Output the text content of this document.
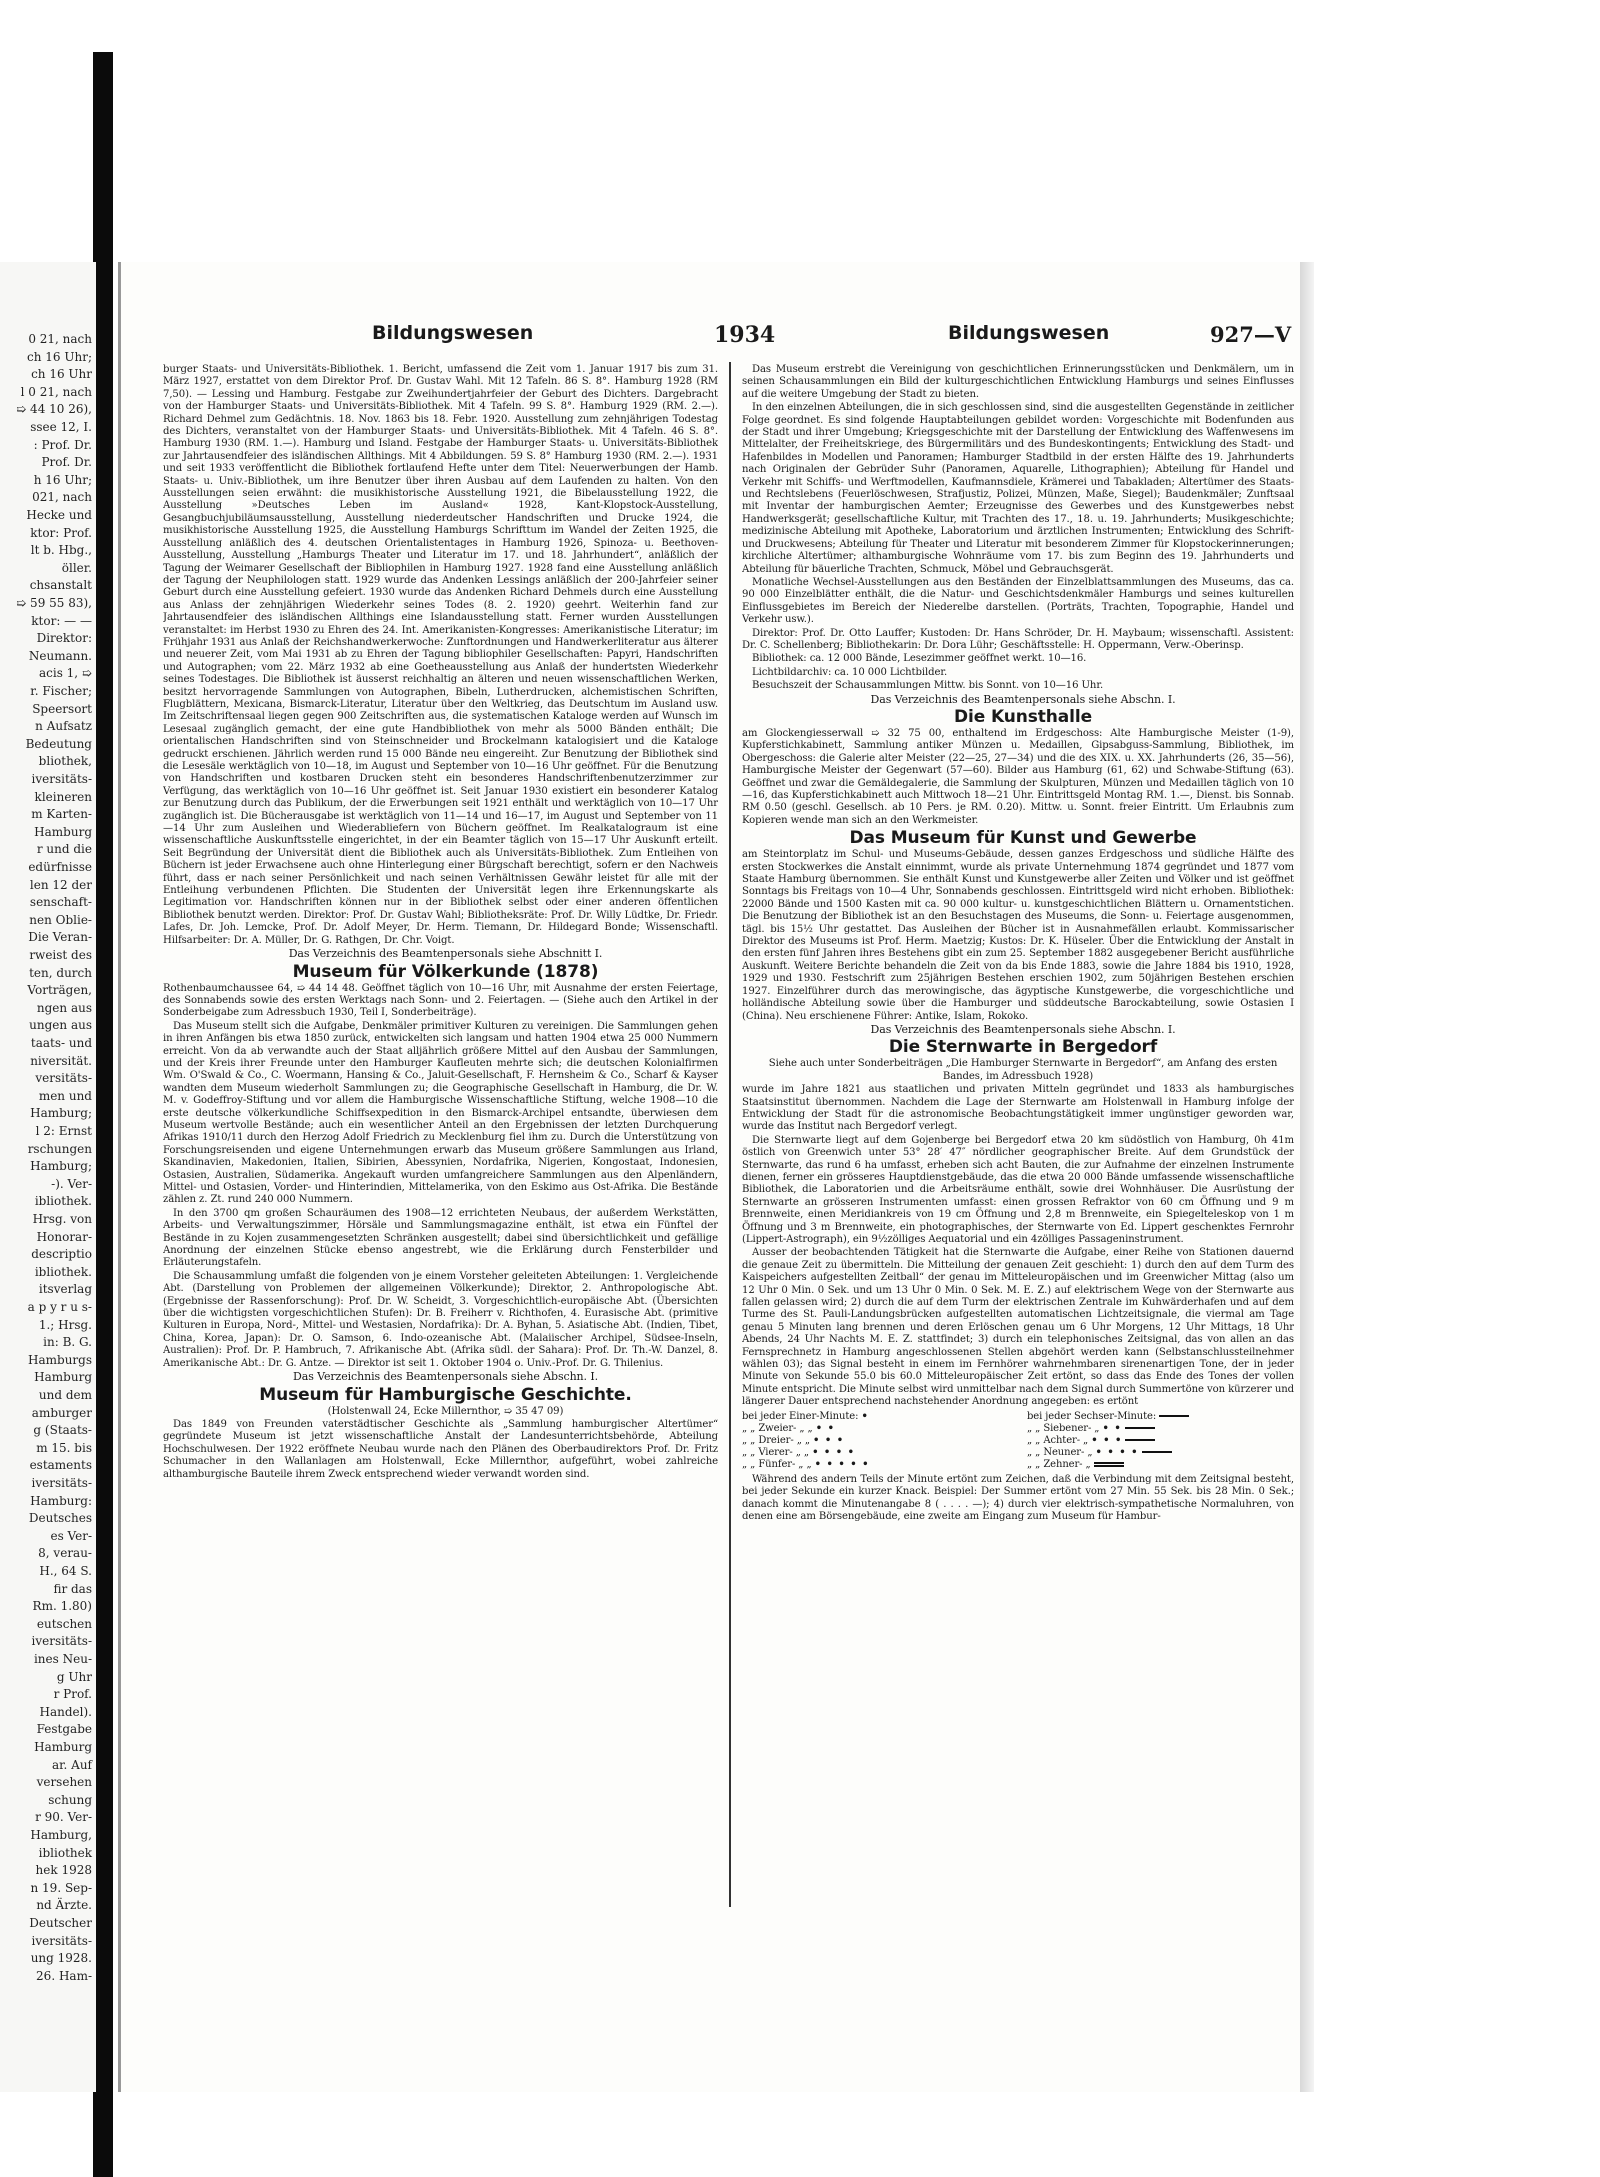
0 21, nach
ch 16 Uhr;
ch 16 Uhr
l 0 21, nach
➯ 44 10 26),
ssee 12, I.
: Prof. Dr.
Prof. Dr.
h 16 Uhr;
021, nach
Hecke und
ktor: Prof.
lt b. Hbg.,
öller.
chsanstalt
➯ 59 55 83),
ktor: — —
Direktor:
Neumann.
acis 1, ➯
r. Fischer;
Speersort
n Aufsatz
Bedeutung
bliothek,
iversitäts-
kleineren
m Karten-
Hamburg
r und die
edürfnisse
len 12 der
senschaft-
nen Oblie-
Die Veran-
rweist des
ten, durch
Vorträgen,
ngen aus
ungen aus
taats- und
niversität.
versitäts-
men und
Hamburg;
l 2: Ernst
rschungen
Hamburg;
-). Ver-
ibliothek.
Hrsg. von
Honorar-
descriptio
ibliothek.
itsverlag
a p y r u s-
1.; Hrsg.
in: B. G.
Hamburgs
Hamburg
und dem
amburger
g (Staats-
m 15. bis
estaments
iversitäts-
Hamburg:
Deutsches
es Ver-
8, verau-
H., 64 S.
fir das
Rm. 1.80)
eutschen
iversitäts-
ines Neu-
g Uhr
r Prof.
Handel).
Festgabe
Hamburg
ar. Auf
versehen
schung
r 90. Ver-
Hamburg,
ibliothek
hek 1928
n 19. Sep-
nd Ärzte.
Deutscher
iversitäts-
ung 1928.
26. Ham-
Bildungswesen	1934	Bildungswesen	927—V

burger Staats- und Universitäts-Bibliothek. 1. Bericht, umfassend die Zeit vom 1. Januar 1917 bis zum 31. März 1927, erstattet von dem Direktor Prof. Dr. Gustav Wahl. Mit 12 Tafeln. 86 S. 8°. Hamburg 1928 (RM 7,50). — Lessing und Hamburg. Festgabe zur Zweihundertjahrfeier der Geburt des Dichters. Dargebracht von der Hamburger Staats- und Universitäts-Bibliothek. Mit 4 Tafeln. 99 S. 8°. Hamburg 1929 (RM. 2.—). Richard Dehmel zum Gedächtnis. 18. Nov. 1863 bis 18. Febr. 1920. Ausstellung zum zehnjährigen Todestag des Dichters, veranstaltet von der Hamburger Staats- und Universitäts-Bibliothek. Mit 4 Tafeln. 46 S. 8°. Hamburg 1930 (RM. 1.—). Hamburg und Island. Festgabe der Hamburger Staats- u. Universitäts-Bibliothek zur Jahrtausendfeier des isländischen Allthings. Mit 4 Abbildungen. 59 S. 8° Hamburg 1930 (RM. 2.—). 1931 und seit 1933 veröffentlicht die Bibliothek fortlaufend Hefte unter dem Titel: Neuerwerbungen der Hamb. Staats- u. Univ.-Bibliothek, um ihre Benutzer über ihren Ausbau auf dem Laufenden zu halten. Von den Ausstellungen seien erwähnt: die musikhistorische Ausstellung 1921, die Bibelausstellung 1922, die Ausstellung »Deutsches Leben im Ausland« 1928, Kant-Klopstock-Ausstellung, Gesangbuchjubiläumsausstellung, Ausstellung niederdeutscher Handschriften und Drucke 1924, die musikhistorische Ausstellung 1925, die Ausstellung Hamburgs Schrifttum im Wandel der Zeiten 1925, die Ausstellung anläßlich des 4. deutschen Orientalistentages in Hamburg 1926, Spinoza- u. Beethoven-Ausstellung, Ausstellung „Hamburgs Theater und Literatur im 17. und 18. Jahrhundert“, anläßlich der Tagung der Weimarer Gesellschaft der Bibliophilen in Hamburg 1927. 1928 fand eine Ausstellung anläßlich der Tagung der Neuphilologen statt. 1929 wurde das Andenken Lessings anläßlich der 200-Jahrfeier seiner Geburt durch eine Ausstellung gefeiert. 1930 wurde das Andenken Richard Dehmels durch eine Ausstellung aus Anlass der zehnjährigen Wiederkehr seines Todes (8. 2. 1920) geehrt. Weiterhin fand zur Jahrtausendfeier des isländischen Allthings eine Islandausstellung statt. Ferner wurden Ausstellungen veranstaltet: im Herbst 1930 zu Ehren des 24. Int. Amerikanisten-Kongresses: Amerikanistische Literatur; im Frühjahr 1931 aus Anlaß der Reichshandwerkerwoche: Zunftordnungen und Handwerkerliteratur aus älterer und neuerer Zeit, vom Mai 1931 ab zu Ehren der Tagung bibliophiler Gesellschaften: Papyri, Handschriften und Autographen; vom 22. März 1932 ab eine Goetheausstellung aus Anlaß der hundertsten Wiederkehr seines Todestages. Die Bibliothek ist äusserst reichhaltig an älteren und neuen wissenschaftlichen Werken, besitzt hervorragende Sammlungen von Autographen, Bibeln, Lutherdrucken, alchemistischen Schriften, Flugblättern, Mexicana, Bismarck-Literatur, Literatur über den Weltkrieg, das Deutschtum im Ausland usw. Im Zeitschriftensaal liegen gegen 900 Zeitschriften aus, die systematischen Kataloge werden auf Wunsch im Lesesaal zugänglich gemacht, der eine gute Handbibliothek von mehr als 5000 Bänden enthält; Die orientalischen Handschriften sind von Steinschneider und Brockelmann katalogisiert und die Kataloge gedruckt erschienen. Jährlich werden rund 15 000 Bände neu eingereiht. Zur Benutzung der Bibliothek sind die Lesesäle werktäglich von 10—18, im August und September von 10—16 Uhr geöffnet. Für die Benutzung von Handschriften und kostbaren Drucken steht ein besonderes Handschriftenbenutzerzimmer zur Verfügung, das werktäglich von 10—16 Uhr geöffnet ist. Seit Januar 1930 existiert ein besonderer Katalog zur Benutzung durch das Publikum, der die Erwerbungen seit 1921 enthält und werktäglich von 10—17 Uhr zugänglich ist. Die Bücherausgabe ist werktäglich von 11—14 und 16—17, im August und September von 11—14 Uhr zum Ausleihen und Wiederabliefern von Büchern geöffnet. Im Realkatalograum ist eine wissenschaftliche Auskunftsstelle eingerichtet, in der ein Beamter täglich von 15—17 Uhr Auskunft erteilt. Seit Begründung der Universität dient die Bibliothek auch als Universitäts-Bibliothek. Zum Entleihen von Büchern ist jeder Erwachsene auch ohne Hinterlegung einer Bürgschaft berechtigt, sofern er den Nachweis führt, dass er nach seiner Persönlichkeit und nach seinen Verhältnissen Gewähr leistet für alle mit der Entleihung verbundenen Pflichten. Die Studenten der Universität legen ihre Erkennungskarte als Legitimation vor. Handschriften können nur in der Bibliothek selbst oder einer anderen öffentlichen Bibliothek benutzt werden. Direktor: Prof. Dr. Gustav Wahl; Bibliotheksräte: Prof. Dr. Willy Lüdtke, Dr. Friedr. Lafes, Dr. Joh. Lemcke, Prof. Dr. Adolf Meyer, Dr. Herm. Tiemann, Dr. Hildegard Bonde; Wissenschaftl. Hilfsarbeiter: Dr. A. Müller, Dr. G. Rathgen, Dr. Chr. Voigt.

Das Verzeichnis des Beamtenpersonals siehe Abschnitt I.

Museum für Völkerkunde (1878)

Rothenbaumchaussee 64, ➯ 44 14 48. Geöffnet täglich von 10—16 Uhr, mit Ausnahme der ersten Feiertage, des Sonnabends sowie des ersten Werktags nach Sonn- und 2. Feiertagen. — (Siehe auch den Artikel in der Sonderbeigabe zum Adressbuch 1930, Teil I, Sonderbeiträge).

Das Museum stellt sich die Aufgabe, Denkmäler primitiver Kulturen zu vereinigen. Die Sammlungen gehen in ihren Anfängen bis etwa 1850 zurück, entwickelten sich langsam und hatten 1904 etwa 25 000 Nummern erreicht. Von da ab verwandte auch der Staat alljährlich größere Mittel auf den Ausbau der Sammlungen, und der Kreis ihrer Freunde unter den Hamburger Kaufleuten mehrte sich; die deutschen Kolonialfirmen Wm. O'Swald & Co., C. Woermann, Hansing & Co., Jaluit-Gesellschaft, F. Hernsheim & Co., Scharf & Kayser wandten dem Museum wiederholt Sammlungen zu; die Geographische Gesellschaft in Hamburg, die Dr. W. M. v. Godeffroy-Stiftung und vor allem die Hamburgische Wissenschaftliche Stiftung, welche 1908—10 die erste deutsche völkerkundliche Schiffsexpedition in den Bismarck-Archipel entsandte, überwiesen dem Museum wertvolle Bestände; auch ein wesentlicher Anteil an den Ergebnissen der letzten Durchquerung Afrikas 1910/11 durch den Herzog Adolf Friedrich zu Mecklenburg fiel ihm zu. Durch die Unterstützung von Forschungsreisenden und eigene Unternehmungen erwarb das Museum größere Sammlungen aus Irland, Skandinavien, Makedonien, Italien, Sibirien, Abessynien, Nordafrika, Nigerien, Kongostaat, Indonesien, Ostasien, Australien, Südamerika. Angekauft wurden umfangreichere Sammlungen aus den Alpenländern, Mittel- und Ostasien, Vorder- und Hinterindien, Mittelamerika, von den Eskimo aus Ost-Afrika. Die Bestände zählen z. Zt. rund 240 000 Nummern.

In den 3700 qm großen Schauräumen des 1908—12 errichteten Neubaus, der außerdem Werkstätten, Arbeits- und Verwaltungszimmer, Hörsäle und Sammlungsmagazine enthält, ist etwa ein Fünftel der Bestände in zu Kojen zusammengesetzten Schränken ausgestellt; dabei sind übersichtlichkeit und gefällige Anordnung der einzelnen Stücke ebenso angestrebt, wie die Erklärung durch Fensterbilder und Erläuterungstafeln.

Die Schausammlung umfaßt die folgenden von je einem Vorsteher geleiteten Abteilungen: 1. Vergleichende Abt. (Darstellung von Problemen der allgemeinen Völkerkunde); Direktor, 2. Anthropologische Abt. (Ergebnisse der Rassenforschung): Prof. Dr. W. Scheidt, 3. Vorgeschichtlich-europäische Abt. (Übersichten über die wichtigsten vorgeschichtlichen Stufen): Dr. B. Freiherr v. Richthofen, 4. Eurasische Abt. (primitive Kulturen in Europa, Nord-, Mittel- und Westasien, Nordafrika): Dr. A. Byhan, 5. Asiatische Abt. (Indien, Tibet, China, Korea, Japan): Dr. O. Samson, 6. Indo-ozeanische Abt. (Malaiischer Archipel, Südsee-Inseln, Australien): Prof. Dr. P. Hambruch, 7. Afrikanische Abt. (Afrika südl. der Sahara): Prof. Dr. Th.-W. Danzel, 8. Amerikanische Abt.: Dr. G. Antze. — Direktor ist seit 1. Oktober 1904 o. Univ.-Prof. Dr. G. Thilenius.

Das Verzeichnis des Beamtenpersonals siehe Abschn. I.

Museum für Hamburgische Geschichte.

(Holstenwall 24, Ecke Millernthor, ➯ 35 47 09)

Das 1849 von Freunden vaterstädtischer Geschichte als „Sammlung hamburgischer Altertümer“ gegründete Museum ist jetzt wissenschaftliche Anstalt der Landesunterrichtsbehörde, Abteilung Hochschulwesen. Der 1922 eröffnete Neubau wurde nach den Plänen des Oberbaudirektors Prof. Dr. Fritz Schumacher in den Wallanlagen am Holstenwall, Ecke Millernthor, aufgeführt, wobei zahlreiche althamburgische Bauteile ihrem Zweck entsprechend wieder verwandt worden sind.

Das Museum erstrebt die Vereinigung von geschichtlichen Erinnerungsstücken und Denkmälern, um in seinen Schausammlungen ein Bild der kulturgeschichtlichen Entwicklung Hamburgs und seines Einflusses auf die weitere Umgebung der Stadt zu bieten.

In den einzelnen Abteilungen, die in sich geschlossen sind, sind die ausgestellten Gegenstände in zeitlicher Folge geordnet. Es sind folgende Hauptabteilungen gebildet worden: Vorgeschichte mit Bodenfunden aus der Stadt und ihrer Umgebung; Kriegsgeschichte mit der Darstellung der Entwicklung des Waffenwesens im Mittelalter, der Freiheitskriege, des Bürgermilitärs und des Bundeskontingents; Entwicklung des Stadt- und Hafenbildes in Modellen und Panoramen; Hamburger Stadtbild in der ersten Hälfte des 19. Jahrhunderts nach Originalen der Gebrüder Suhr (Panoramen, Aquarelle, Lithographien); Abteilung für Handel und Verkehr mit Schiffs- und Werftmodellen, Kaufmannsdiele, Krämerei und Tabakladen; Altertümer des Staats- und Rechtslebens (Feuerlöschwesen, Strafjustiz, Polizei, Münzen, Maße, Siegel); Baudenkmäler; Zunftsaal mit Inventar der hamburgischen Aemter; Erzeugnisse des Gewerbes und des Kunstgewerbes nebst Handwerksgerät; gesellschaftliche Kultur, mit Trachten des 17., 18. u. 19. Jahrhunderts; Musikgeschichte; medizinische Abteilung mit Apotheke, Laboratorium und ärztlichen Instrumenten; Entwicklung des Schrift- und Druckwesens; Abteilung für Theater und Literatur mit besonderem Zimmer für Klopstockerinnerungen; kirchliche Altertümer; althamburgische Wohnräume vom 17. bis zum Beginn des 19. Jahrhunderts und Abteilung für bäuerliche Trachten, Schmuck, Möbel und Gebrauchsgerät.

Monatliche Wechsel-Ausstellungen aus den Beständen der Einzelblattsammlungen des Museums, das ca. 90 000 Einzelblätter enthält, die die Natur- und Geschichtsdenkmäler Hamburgs und seines kulturellen Einflussgebietes im Bereich der Niederelbe darstellen. (Porträts, Trachten, Topographie, Handel und Verkehr usw.).

Direktor: Prof. Dr. Otto Lauffer; Kustoden: Dr. Hans Schröder, Dr. H. Maybaum; wissenschaftl. Assistent: Dr. C. Schellenberg; Bibliothekarin: Dr. Dora Lühr; Geschäftsstelle: H. Oppermann, Verw.-Oberinsp.

Bibliothek: ca. 12 000 Bände, Lesezimmer geöffnet werkt. 10—16.

Lichtbildarchiv: ca. 10 000 Lichtbilder.

Besuchszeit der Schausammlungen Mittw. bis Sonnt. von 10—16 Uhr.

Das Verzeichnis des Beamtenpersonals siehe Abschn. I.

Die Kunsthalle

am Glockengiesserwall ➯ 32 75 00, enthaltend im Erdgeschoss: Alte Hamburgische Meister (1-9), Kupferstichkabinett, Sammlung antiker Münzen u. Medaillen, Gipsabguss-Sammlung, Bibliothek, im Obergeschoss: die Galerie alter Meister (22—25, 27—34) und die des XIX. u. XX. Jahrhunderts (26, 35—56), Hamburgische Meister der Gegenwart (57—60). Bilder aus Hamburg (61, 62) und Schwabe-Stiftung (63). Geöffnet und zwar die Gemäldegalerie, die Sammlung der Skulpturen, Münzen und Medaillen täglich von 10—16, das Kupferstichkabinett auch Mittwoch 18—21 Uhr. Eintrittsgeld Montag RM. 1.—, Dienst. bis Sonnab. RM 0.50 (geschl. Gesellsch. ab 10 Pers. je RM. 0.20). Mittw. u. Sonnt. freier Eintritt. Um Erlaubnis zum Kopieren wende man sich an den Werkmeister.

Das Museum für Kunst und Gewerbe

am Steintorplatz im Schul- und Museums-Gebäude, dessen ganzes Erdgeschoss und südliche Hälfte des ersten Stockwerkes die Anstalt einnimmt, wurde als private Unternehmung 1874 gegründet und 1877 vom Staate Hamburg übernommen. Sie enthält Kunst und Kunstgewerbe aller Zeiten und Völker und ist geöffnet Sonntags bis Freitags von 10—4 Uhr, Sonnabends geschlossen. Eintrittsgeld wird nicht erhoben. Bibliothek: 22000 Bände und 1500 Kasten mit ca. 90 000 kultur- u. kunstgeschichtlichen Blättern u. Ornamentstichen. Die Benutzung der Bibliothek ist an den Besuchstagen des Museums, die Sonn- u. Feiertage ausgenommen, tägl. bis 15½ Uhr gestattet. Das Ausleihen der Bücher ist in Ausnahmefällen erlaubt. Kommissarischer Direktor des Museums ist Prof. Herm. Maetzig; Kustos: Dr. K. Hüseler. Über die Entwicklung der Anstalt in den ersten fünf Jahren ihres Bestehens gibt ein zum 25. September 1882 ausgegebener Bericht ausführliche Auskunft. Weitere Berichte behandeln die Zeit von da bis Ende 1883, sowie die Jahre 1884 bis 1910, 1928, 1929 und 1930. Festschrift zum 25jährigen Bestehen erschien 1902, zum 50jährigen Bestehen erschien 1927. Einzelführer durch das merowingische, das ägyptische Kunstgewerbe, die vorgeschichtliche und holländische Abteilung sowie über die Hamburger und süddeutsche Barockabteilung, sowie Ostasien I (China). Neu erschienene Führer: Antike, Islam, Rokoko.

Das Verzeichnis des Beamtenpersonals siehe Abschn. I.

Die Sternwarte in Bergedorf

Siehe auch unter Sonderbeiträgen „Die Hamburger Sternwarte in Bergedorf“, am Anfang des ersten Bandes, im Adressbuch 1928)

wurde im Jahre 1821 aus staatlichen und privaten Mitteln gegründet und 1833 als hamburgisches Staatsinstitut übernommen. Nachdem die Lage der Sternwarte am Holstenwall in Hamburg infolge der Entwicklung der Stadt für die astronomische Beobachtungstätigkeit immer ungünstiger geworden war, wurde das Institut nach Bergedorf verlegt.

Die Sternwarte liegt auf dem Gojenberge bei Bergedorf etwa 20 km südöstlich von Hamburg, 0h 41m östlich von Greenwich unter 53° 28′ 47″ nördlicher geographischer Breite. Auf dem Grundstück der Sternwarte, das rund 6 ha umfasst, erheben sich acht Bauten, die zur Aufnahme der einzelnen Instrumente dienen, ferner ein grösseres Hauptdienstgebäude, das die etwa 20 000 Bände umfassende wissenschaftliche Bibliothek, die Laboratorien und die Arbeitsräume enthält, sowie drei Wohnhäuser. Die Ausrüstung der Sternwarte an grösseren Instrumenten umfasst: einen grossen Refraktor von 60 cm Öffnung und 9 m Brennweite, einen Meridiankreis von 19 cm Öffnung und 2,8 m Brennweite, ein Spiegelteleskop von 1 m Öffnung und 3 m Brennweite, ein photographisches, der Sternwarte von Ed. Lippert geschenktes Fernrohr (Lippert-Astrograph), ein 9½zölliges Aequatorial und ein 4zölliges Passageninstrument.

Ausser der beobachtenden Tätigkeit hat die Sternwarte die Aufgabe, einer Reihe von Stationen dauernd die genaue Zeit zu übermitteln. Die Mitteilung der genauen Zeit geschieht: 1) durch den auf dem Turm des Kaispeichers aufgestellten Zeitball“ der genau im Mitteleuropäischen und im Greenwicher Mittag (also um 12 Uhr 0 Min. 0 Sek. und um 13 Uhr 0 Min. 0 Sek. M. E. Z.) auf elektrischem Wege von der Sternwarte aus fallen gelassen wird; 2) durch die auf dem Turm der elektrischen Zentrale im Kuhwärderhafen und auf dem Turme des St. Pauli-Landungsbrücken aufgestellten automatischen Lichtzeitsignale, die viermal am Tage genau 5 Minuten lang brennen und deren Erlöschen genau um 6 Uhr Morgens, 12 Uhr Mittags, 18 Uhr Abends, 24 Uhr Nachts M. E. Z. stattfindet; 3) durch ein telephonisches Zeitsignal, das von allen an das Fernsprechnetz in Hamburg angeschlossenen Stellen abgehört werden kann (Selbstanschlussteilnehmer wählen 03); das Signal besteht in einem im Fernhörer wahrnehmbaren sirenenartigen Tone, der in jeder Minute von Sekunde 55.0 bis 60.0 Mitteleuropäischer Zeit ertönt, so dass das Ende des Tones der vollen Minute entspricht. Die Minute selbst wird unmittelbar nach dem Signal durch Summertöne von kürzerer und längerer Dauer entsprechend nachstehender Anordnung angegeben: es ertönt

bei jeder Einer-Minute: •	bei jeder Sechser-Minute:
„ „ Zweier- „ „ • •	„ „ Siebener- „ • •
„ „ Dreier- „ „ • • •	„ „ Achter- „ • • •
„ „ Vierer- „ „ • • • •	„ „ Neuner- „ • • • •
„ „ Fünfer- „ „ • • • • •	„ „ Zehner- „

Während des andern Teils der Minute ertönt zum Zeichen, daß die Verbindung mit dem Zeitsignal besteht, bei jeder Sekunde ein kurzer Knack. Beispiel: Der Summer ertönt vom 27 Min. 55 Sek. bis 28 Min. 0 Sek.; danach kommt die Minutenangabe 8 ( . . . . —); 4) durch vier elektrisch-sympathetische Normaluhren, von denen eine am Börsengebäude, eine zweite am Eingang zum Museum für Hambur-
